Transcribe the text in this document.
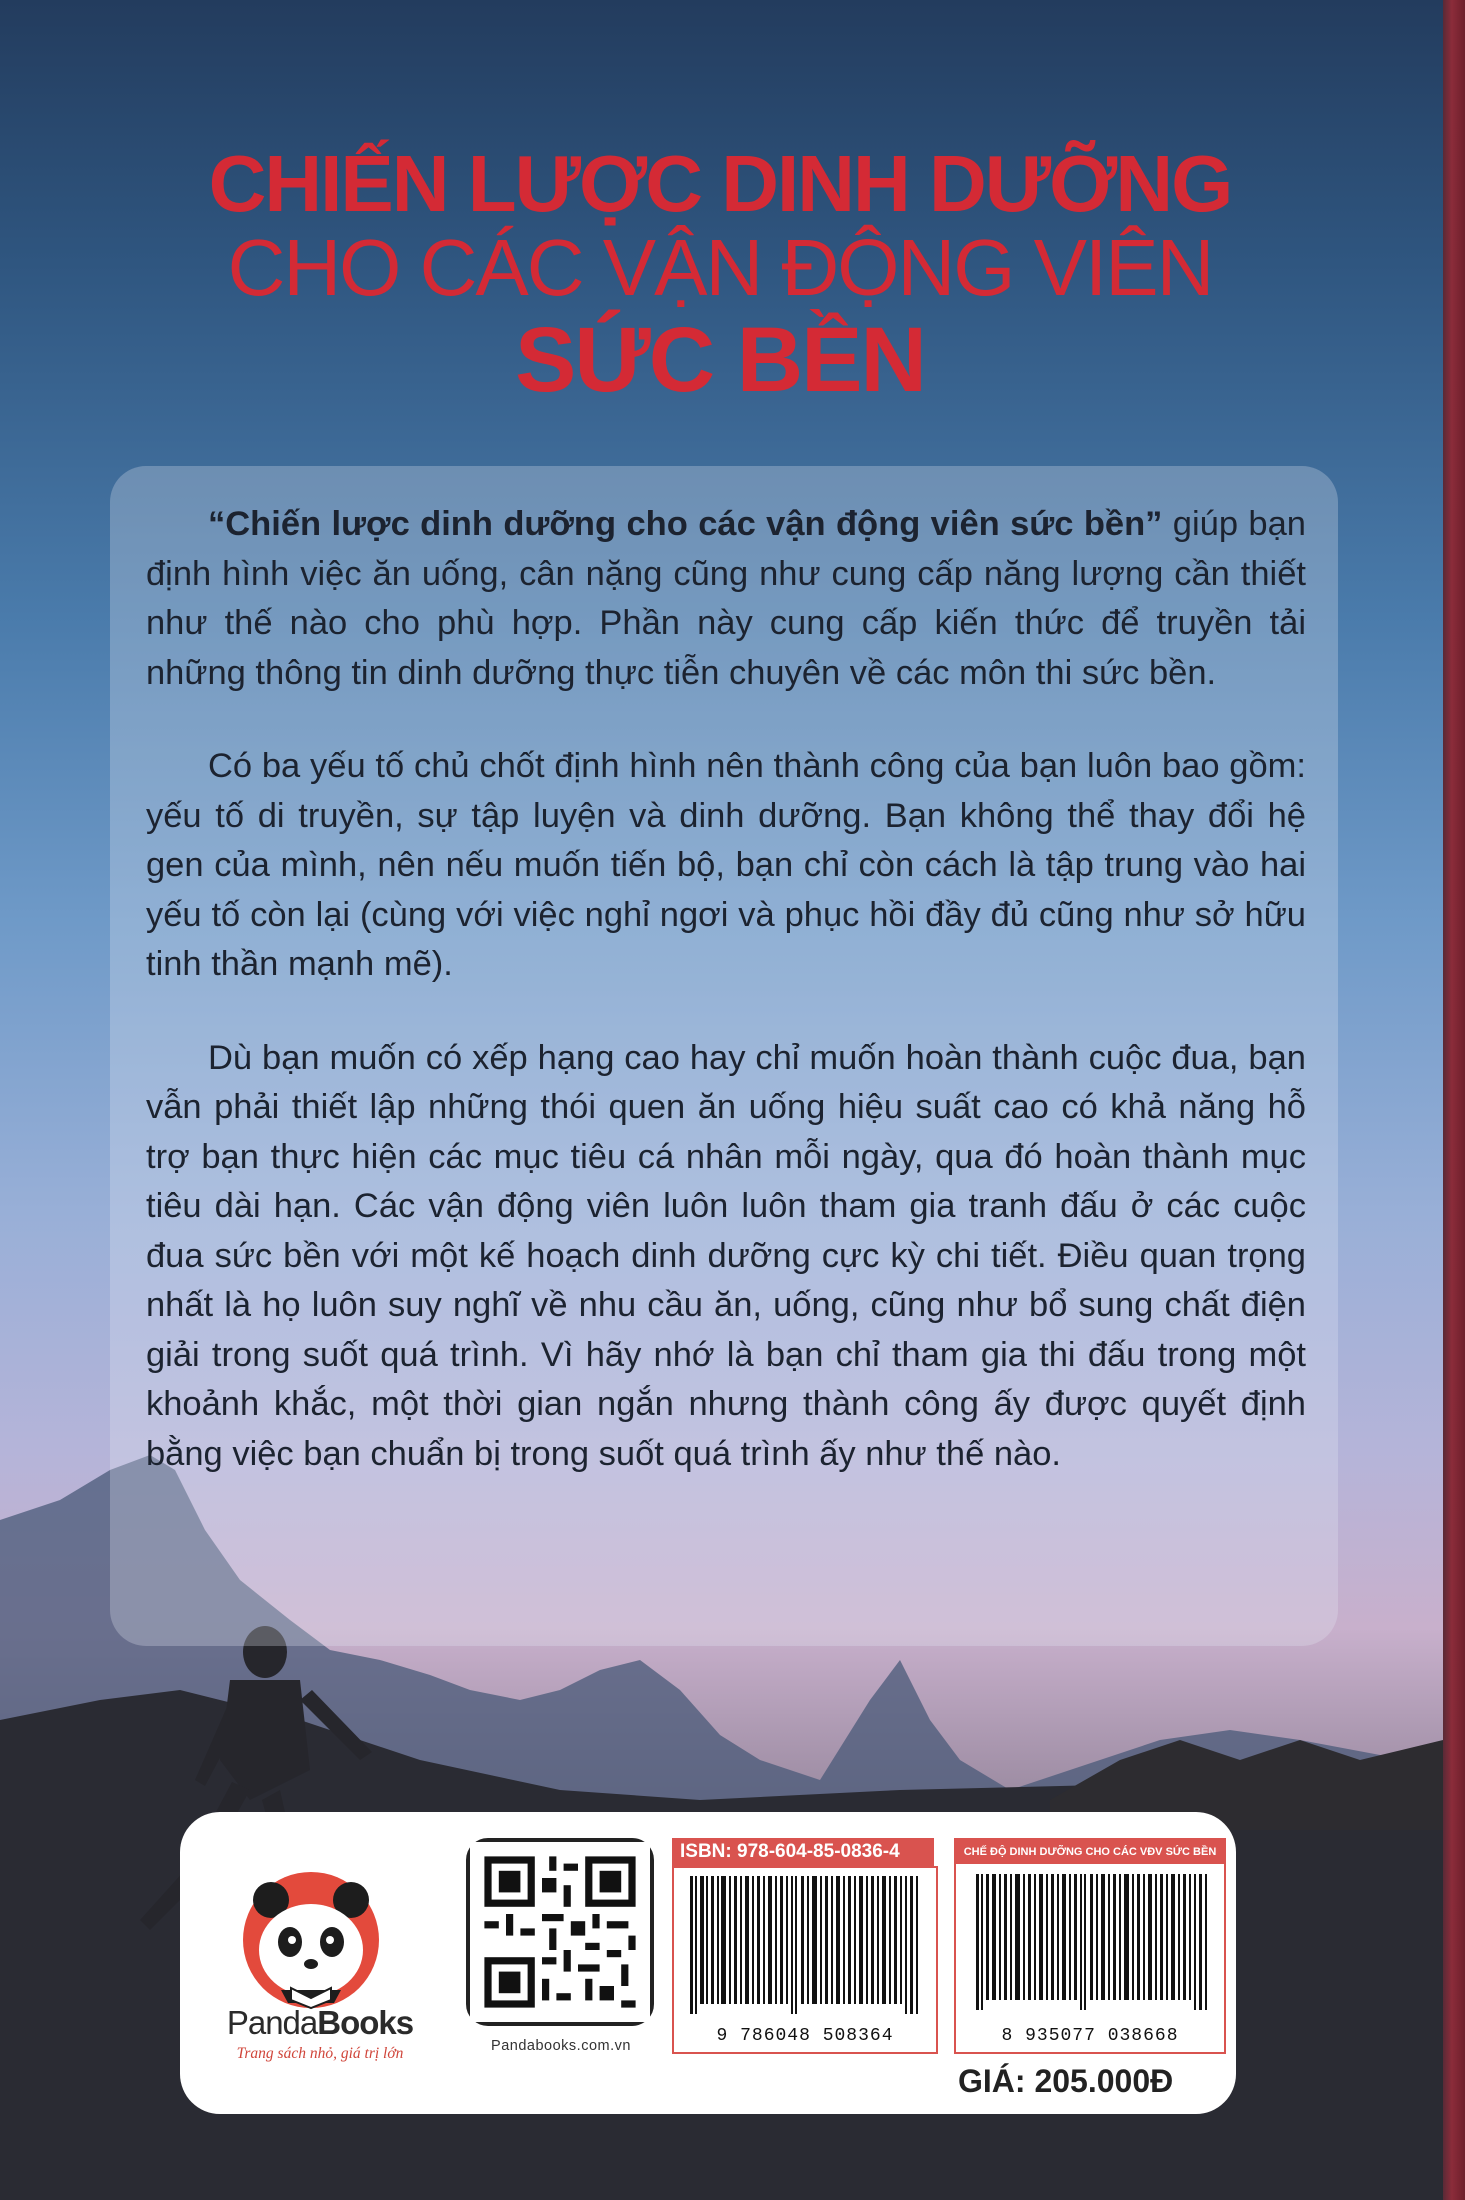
CHIẾN LƯỢC DINH DƯỠNG
CHO CÁC VẬN ĐỘNG VIÊN
SỨC BỀN

“Chiến lược dinh dưỡng cho các vận động viên sức bền” giúp bạn định hình việc ăn uống, cân nặng cũng như cung cấp năng lượng cần thiết như thế nào cho phù hợp. Phần này cung cấp kiến thức để truyền tải những thông tin dinh dưỡng thực tiễn chuyên về các môn thi sức bền.

Có ba yếu tố chủ chốt định hình nên thành công của bạn luôn bao gồm: yếu tố di truyền, sự tập luyện và dinh dưỡng. Bạn không thể thay đổi hệ gen của mình, nên nếu muốn tiến bộ, bạn chỉ còn cách là tập trung vào hai yếu tố còn lại (cùng với việc nghỉ ngơi và phục hồi đầy đủ cũng như sở hữu tinh thần mạnh mẽ).

Dù bạn muốn có xếp hạng cao hay chỉ muốn hoàn thành cuộc đua, bạn vẫn phải thiết lập những thói quen ăn uống hiệu suất cao có khả năng hỗ trợ bạn thực hiện các mục tiêu cá nhân mỗi ngày, qua đó hoàn thành mục tiêu dài hạn. Các vận động viên luôn luôn tham gia tranh đấu ở các cuộc đua sức bền với một kế hoạch dinh dưỡng cực kỳ chi tiết. Điều quan trọng nhất là họ luôn suy nghĩ về nhu cầu ăn, uống, cũng như bổ sung chất điện giải trong suốt quá trình. Vì hãy nhớ là bạn chỉ tham gia thi đấu trong một khoảnh khắc, một thời gian ngắn nhưng thành công ấy được quyết định bằng việc bạn chuẩn bị trong suốt quá trình ấy như thế nào.

PandaBooks
Trang sách nhỏ, giá trị lớn	Pandabooks.com.vn
ISBN: 978-604-85-0836-4
9 786048 508364
CHẾ ĐỘ DINH DƯỠNG CHO CÁC VĐV SỨC BỀN
8 935077 038668
GIÁ: 205.000Đ
